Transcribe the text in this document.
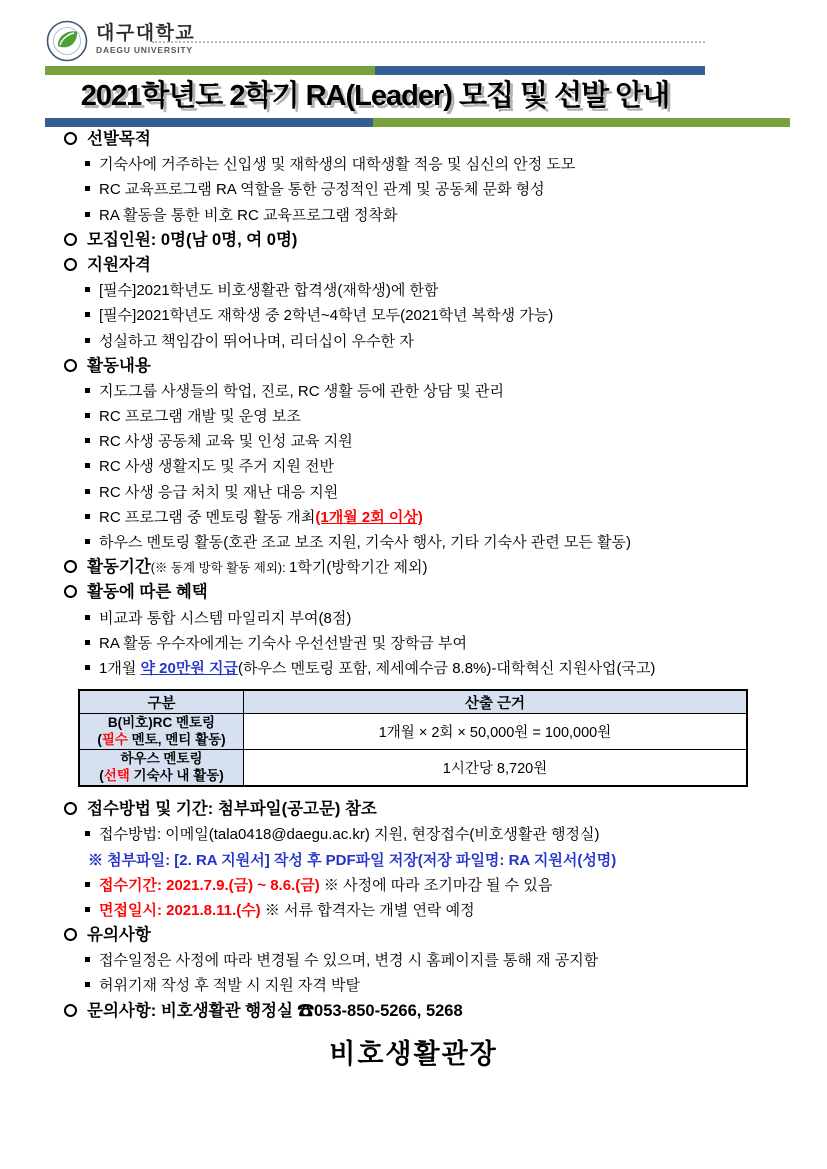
대구대학교
DAEGU UNIVERSITY
2021학년도 2학기 RA(Leader) 모집 및 선발 안내
선발목적
기숙사에 거주하는 신입생 및 재학생의 대학생활 적응 및 심신의 안정 도모
RC 교육프로그램 RA 역할을 통한 긍정적인 관계 및 공동체 문화 형성
RA 활동을 통한 비호 RC 교육프로그램 정착화
모집인원: 0명(남 0명, 여 0명)
지원자격
[필수]2021학년도 비호생활관 합격생(재학생)에 한함
[필수]2021학년도 재학생 중 2학년~4학년 모두(2021학년 복학생 가능)
성실하고 책임감이 뛰어나며, 리더십이 우수한 자
활동내용
지도그룹 사생들의 학업, 진로, RC 생활 등에 관한 상담 및 관리
RC 프로그램 개발 및 운영 보조
RC 사생 공동체 교육 및 인성 교육 지원
RC 사생 생활지도 및 주거 지원 전반
RC 사생 응급 처치 및 재난 대응 지원
RC 프로그램 중 멘토링 활동 개최(1개월 2회 이상)
하우스 멘토링 활동(호관 조교 보조 지원, 기숙사 행사, 기타 기숙사 관련 모든 활동)
활동기간(※ 동계 방학 활동 제외): 1학기(방학기간 제외)
활동에 따른 혜택
비교과 통합 시스템 마일리지 부여(8점)
RA 활동 우수자에게는 기숙사 우선선발권 및 장학금 부여
1개월 약 20만원 지급(하우스 멘토링 포함, 제세예수금 8.8%)-대학혁신 지원사업(국고)
구분	산출 근거

B(비호)RC 멘토링
(필수 멘토, 멘티 활동)	1개월 × 2회 × 50,000원 = 100,000원

하우스 멘토링
(선택 기숙사 내 활동)	1시간당 8,720원
접수방법 및 기간: 첨부파일(공고문) 참조
접수방법: 이메일(tala0418@daegu.ac.kr) 지원, 현장접수(비호생활관 행정실)
※ 첨부파일: [2. RA 지원서] 작성 후 PDF파일 저장(저장 파일명: RA 지원서(성명)
접수기간: 2021.7.9.(금) ~ 8.6.(금) ※ 사정에 따라 조기마감 될 수 있음
면접일시: 2021.8.11.(수) ※ 서류 합격자는 개별 연락 예정
유의사항
접수일정은 사정에 따라 변경될 수 있으며, 변경 시 홈페이지를 통해 재 공지함
허위기재 작성 후 적발 시 지원 자격 박탈
문의사항: 비호생활관 행정실 ☎053-850-5266, 5268
비호생활관장
